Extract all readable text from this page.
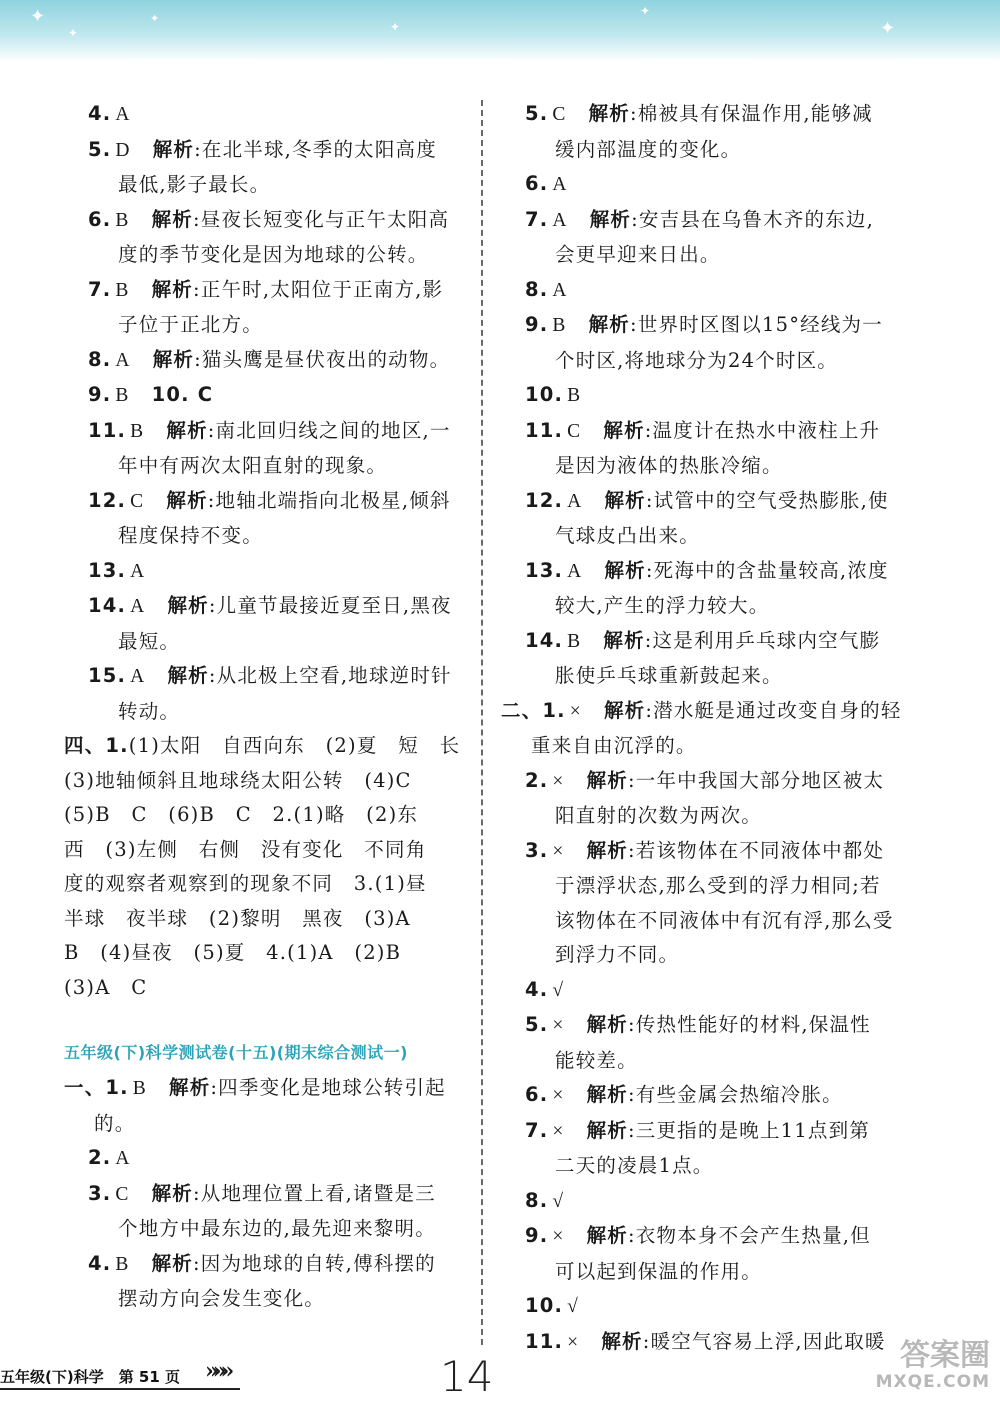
✦
✦
✦
✦
✦
✦
4. A
5. D 解析:在北半球,冬季的太阳高度
最低,影子最长。
6. B 解析:昼夜长短变化与正午太阳高
度的季节变化是因为地球的公转。
7. B 解析:正午时,太阳位于正南方,影
子位于正北方。
8. A 解析:猫头鹰是昼伏夜出的动物。
9. B 10. C
11. B 解析:南北回归线之间的地区,一
年中有两次太阳直射的现象。
12. C 解析:地轴北端指向北极星,倾斜
程度保持不变。
13. A
14. A 解析:儿童节最接近夏至日,黑夜
最短。
15. A 解析:从北极上空看,地球逆时针
转动。
四、1.(1)太阳　自西向东　(2)夏　短　长
(3)地轴倾斜且地球绕太阳公转　(4)C
(5)B　C　(6)B　C　2.(1)略　(2)东
西　(3)左侧　右侧　没有变化　不同角
度的观察者观察到的现象不同　3.(1)昼
半球　夜半球　(2)黎明　黑夜　(3)A
B　(4)昼夜　(5)夏　4.(1)A　(2)B
(3)A　C
五年级(下)科学测试卷(十五)(期末综合测试一)
一、1. B 解析:四季变化是地球公转引起
的。
2. A
3. C 解析:从地理位置上看,诸暨是三
个地方中最东边的,最先迎来黎明。
4. B 解析:因为地球的自转,傅科摆的
摆动方向会发生变化。
5. C 解析:棉被具有保温作用,能够减
缓内部温度的变化。
6. A
7. A 解析:安吉县在乌鲁木齐的东边,
会更早迎来日出。
8. A
9. B 解析:世界时区图以15°经线为一
个时区,将地球分为24个时区。
10. B
11. C 解析:温度计在热水中液柱上升
是因为液体的热胀冷缩。
12. A 解析:试管中的空气受热膨胀,使
气球皮凸出来。
13. A 解析:死海中的含盐量较高,浓度
较大,产生的浮力较大。
14. B 解析:这是利用乒乓球内空气膨
胀使乒乓球重新鼓起来。
二、1. × 解析:潜水艇是通过改变自身的轻
重来自由沉浮的。
2. × 解析:一年中我国大部分地区被太
阳直射的次数为两次。
3. × 解析:若该物体在不同液体中都处
于漂浮状态,那么受到的浮力相同;若
该物体在不同液体中有沉有浮,那么受
到浮力不同。
4. √
5. × 解析:传热性能好的材料,保温性
能较差。
6. × 解析:有些金属会热缩冷胀。
7. × 解析:三更指的是晚上11点到第
二天的凌晨1点。
8. √
9. × 解析:衣物本身不会产生热量,但
可以起到保温的作用。
10. √
11. × 解析:暖空气容易上浮,因此取暖
五年级(下)科学　第 51 页 »»»	14	答案圈
MXQE.COM
